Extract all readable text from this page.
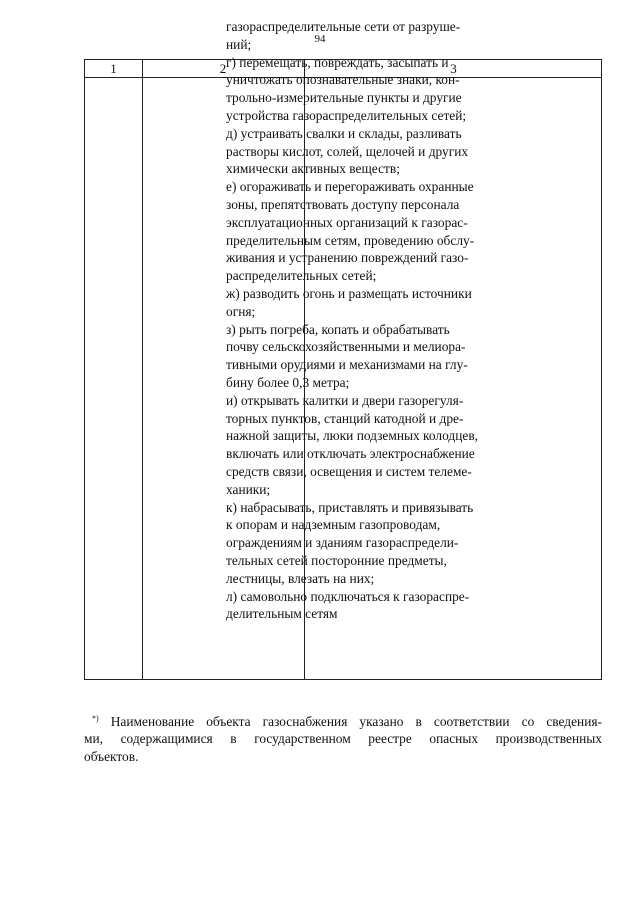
94
1	2	3
газораспределительные сети от разруше-
ний;
г) перемещать, повреждать, засыпать и
уничтожать опознавательные знаки, кон-
трольно-измерительные пункты и другие
устройства газораспределительных сетей;
д) устраивать свалки и склады, разливать
растворы кислот, солей, щелочей и других
химически активных веществ;
е) огораживать и перегораживать охранные
зоны, препятствовать доступу персонала
эксплуатационных организаций к газорас-
пределительным сетям, проведению обслу-
живания и устранению повреждений газо-
распределительных сетей;
ж) разводить огонь и размещать источники
огня;
з) рыть погреба, копать и обрабатывать
почву сельскохозяйственными и мелиора-
тивными орудиями и механизмами на глу-
бину более 0,3 метра;
и) открывать калитки и двери газорегуля-
торных пунктов, станций катодной и дре-
нажной защиты, люки подземных колодцев,
включать или отключать электроснабжение
средств связи, освещения и систем телеме-
ханики;
к) набрасывать, приставлять и привязывать
к опорам и надземным газопроводам,
ограждениям и зданиям газораспредели-
тельных сетей посторонние предметы,
лестницы, влезать на них;
л) самовольно подключаться к газораспре-
делительным сетям
*) Наименование объекта газоснабжения указано в соответствии со сведения-
ми, содержащимися в государственном реестре опасных производственных
объектов.
